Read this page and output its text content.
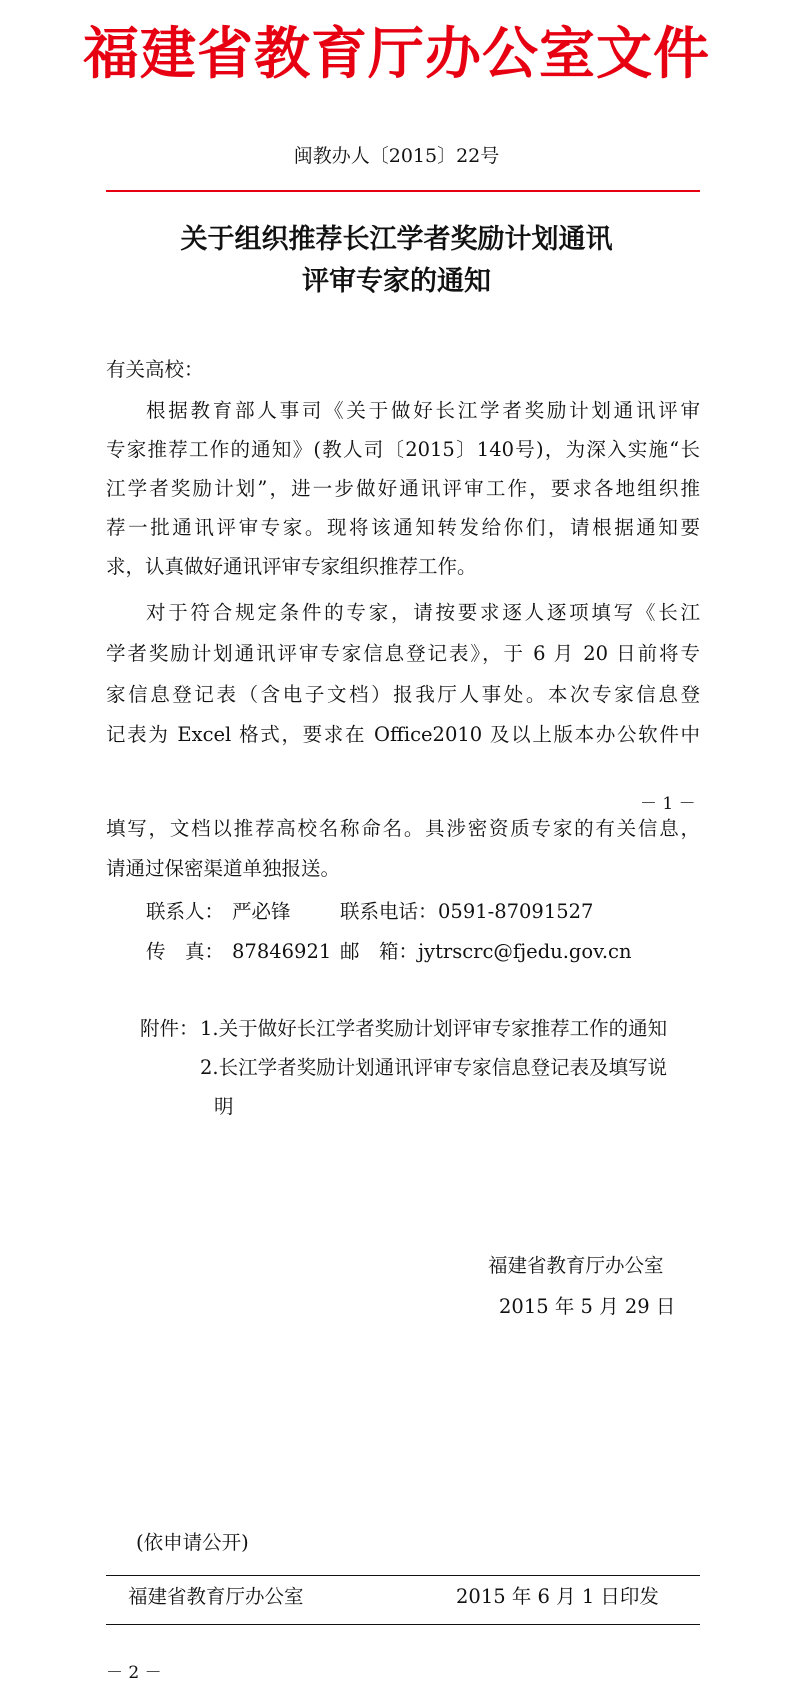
福建省教育厅办公室文件
闽教办人〔2015〕22号
关于组织推荐长江学者奖励计划通讯
评审专家的通知
有关高校：
根据教育部人事司《关于做好长江学者奖励计划通讯评审
专家推荐工作的通知》(教人司〔2015〕140号)，为深入实施“长
江学者奖励计划”，进一步做好通讯评审工作，要求各地组织推
荐一批通讯评审专家。现将该通知转发给你们，请根据通知要
求，认真做好通讯评审专家组织推荐工作。
对于符合规定条件的专家，请按要求逐人逐项填写《长江
学者奖励计划通讯评审专家信息登记表》，于 6 月 20 日前将专
家信息登记表（含电子文档）报我厅人事处。本次专家信息登
记表为 Excel 格式，要求在 Office2010 及以上版本办公软件中
－ 1 －
填写，文档以推荐高校名称命名。具涉密资质专家的有关信息，
请通过保密渠道单独报送。
联系人： 严必锋	联系电话： 0591-87091527
传　真： 87846921 邮　箱： jytrscrc@fjedu.gov.cn
附件： 1.关于做好长江学者奖励计划评审专家推荐工作的通知
2.长江学者奖励计划通讯评审专家信息登记表及填写说
明
福建省教育厅办公室
2015 年 5 月 29 日
(依申请公开)
福建省教育厅办公室	2015 年 6 月 1 日印发
－ 2 －
